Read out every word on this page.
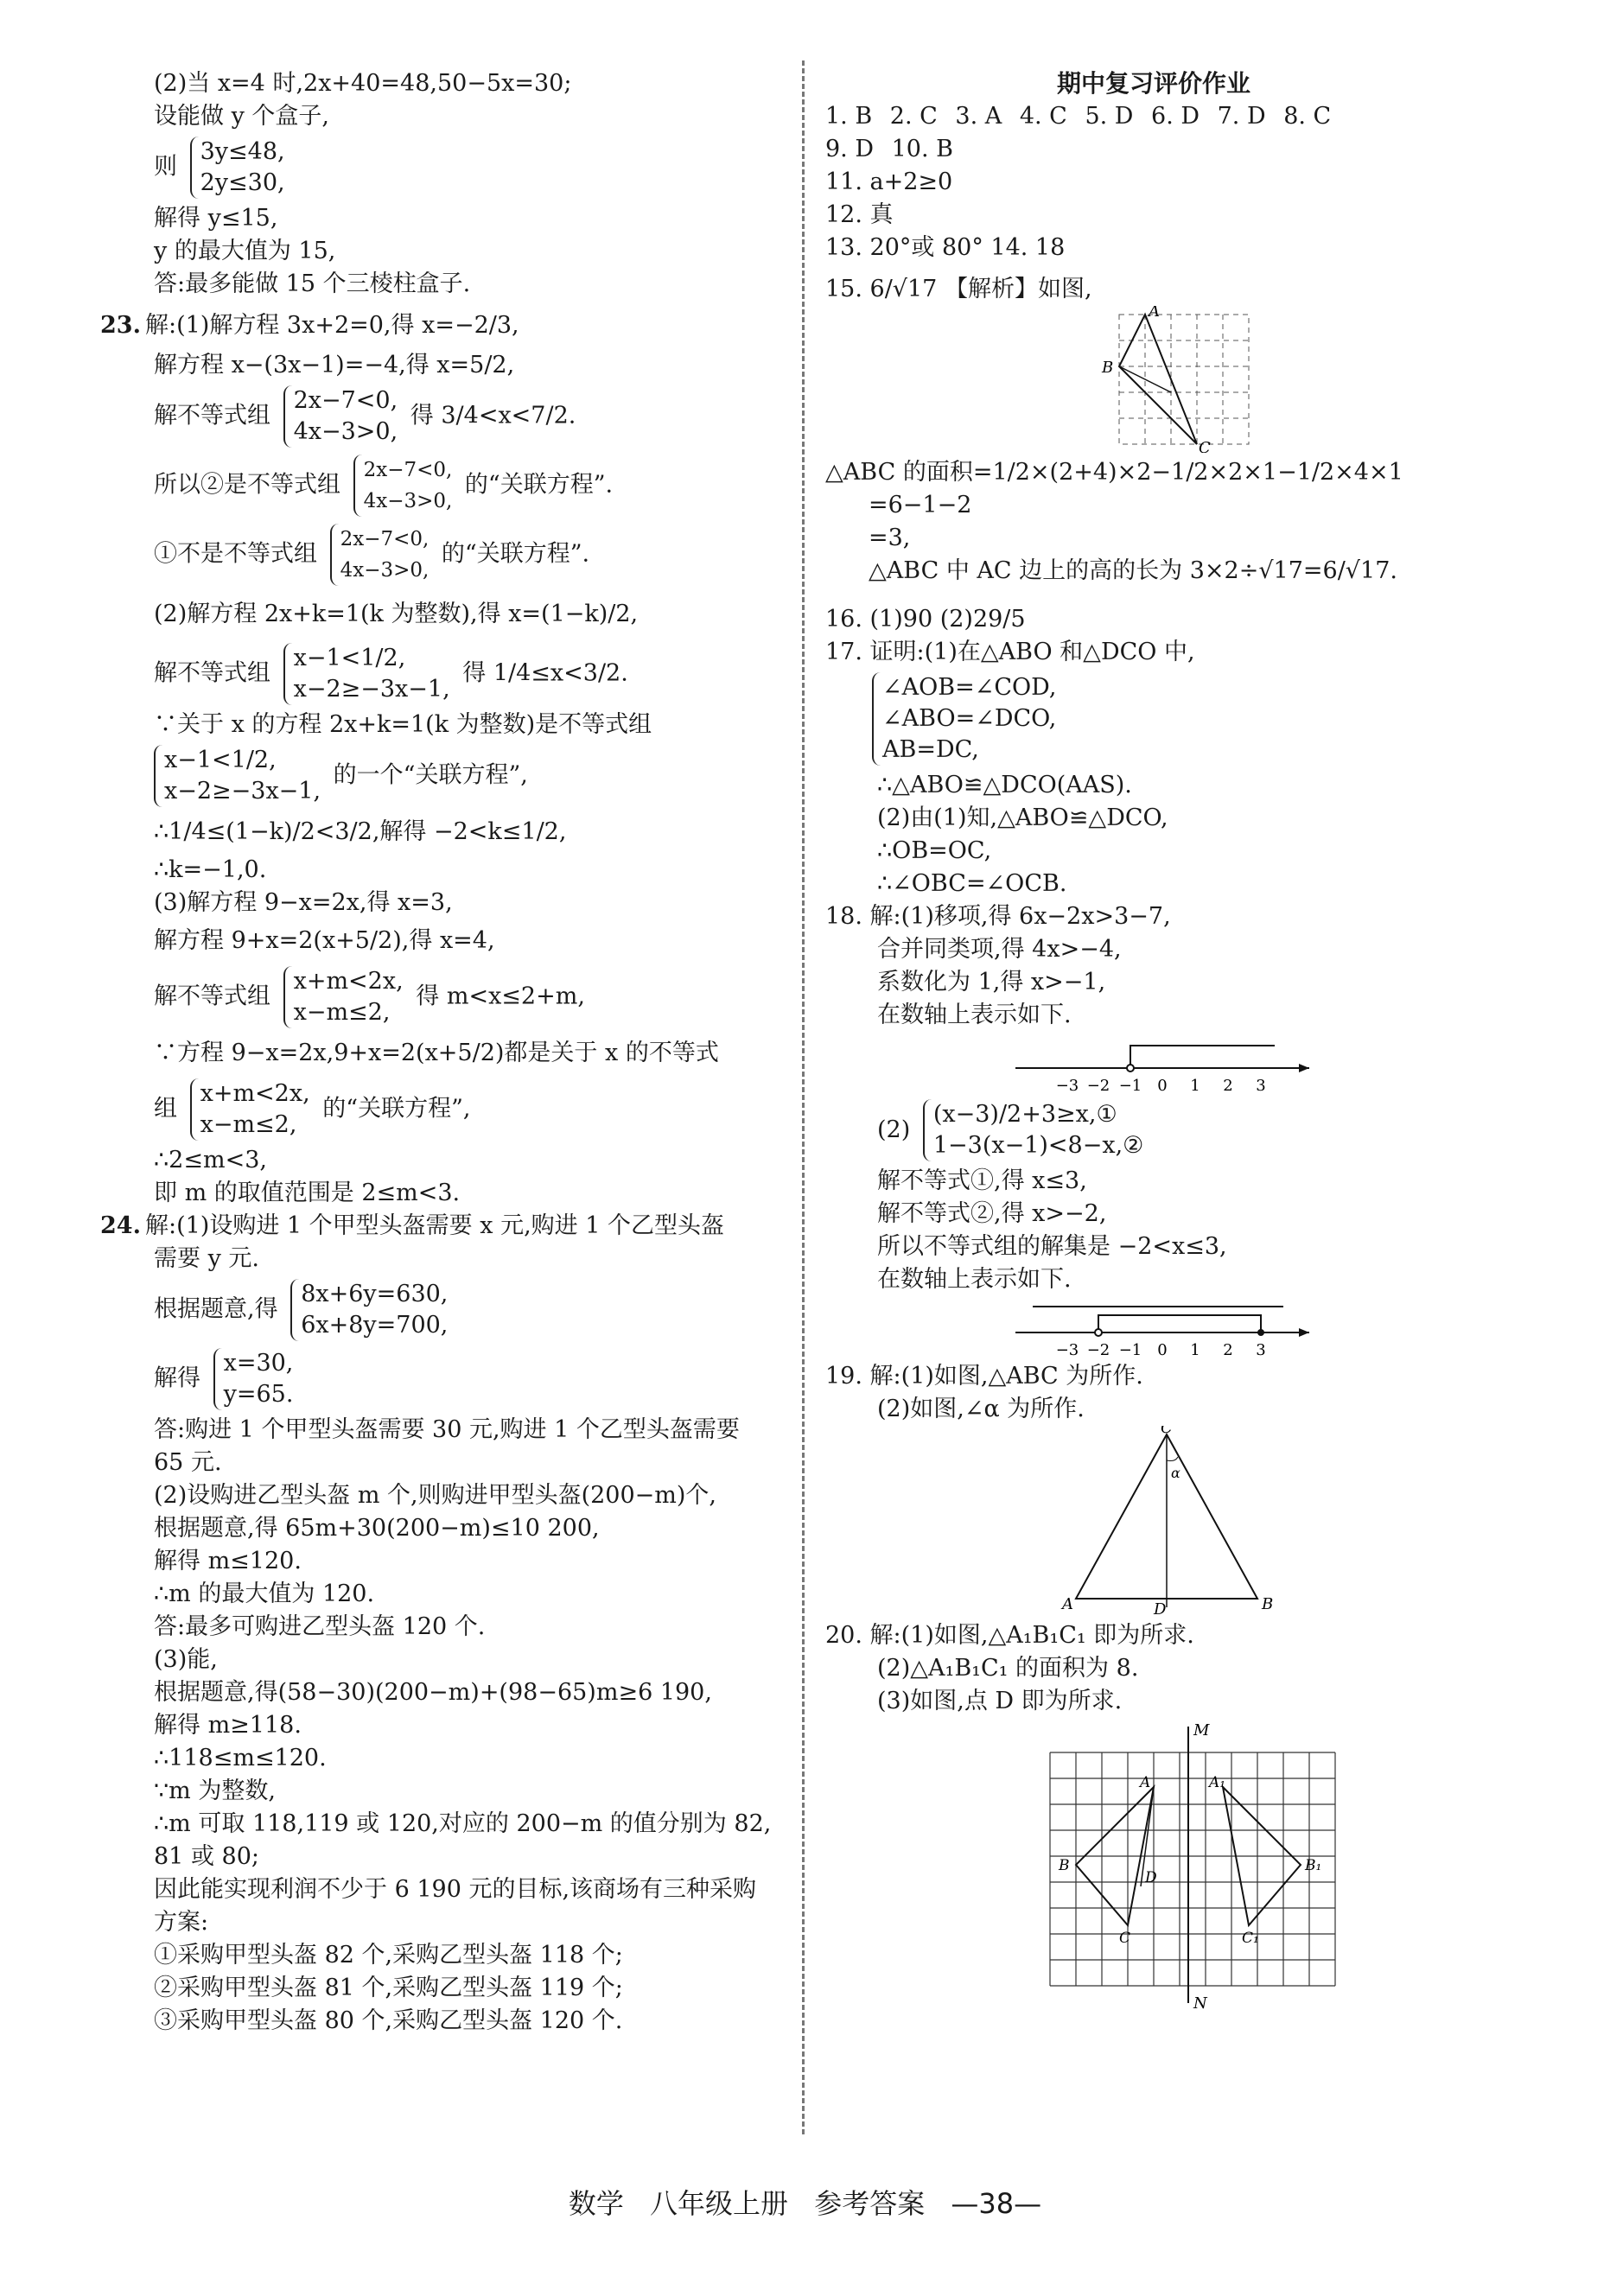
(2)当 x=4 时,2x+40=48,50−5x=30;
设能做 y 个盒子,
则
3y≤48,
2y≤30,
解得 y≤15,
y 的最大值为 15,
答:最多能做 15 个三棱柱盒子.
23. 解:(1)解方程 3x+2=0,得 x=−2/3,
解方程 x−(3x−1)=−4,得 x=5/2,
解不等式组
2x−7<0,
4x−3>0,
得 3/4<x<7/2.
所以②是不等式组
2x−7<0,
4x−3>0,
的“关联方程”.
①不是不等式组
2x−7<0,
4x−3>0,
的“关联方程”.
(2)解方程 2x+k=1(k 为整数),得 x=(1−k)/2,
解不等式组
x−1<1/2,
x−2≥−3x−1,
得 1/4≤x<3/2.
∵关于 x 的方程 2x+k=1(k 为整数)是不等式组
x−1<1/2,
x−2≥−3x−1,
的一个“关联方程”,
∴1/4≤(1−k)/2<3/2,解得 −2<k≤1/2,
∴k=−1,0.
(3)解方程 9−x=2x,得 x=3,
解方程 9+x=2(x+5/2),得 x=4,
解不等式组
x+m<2x,
x−m≤2,
得 m<x≤2+m,
∵方程 9−x=2x,9+x=2(x+5/2)都是关于 x 的不等式
组
x+m<2x,
x−m≤2,
的“关联方程”,
∴2≤m<3,
即 m 的取值范围是 2≤m<3.
24. 解:(1)设购进 1 个甲型头盔需要 x 元,购进 1 个乙型头盔
需要 y 元.
根据题意,得
8x+6y=630,
6x+8y=700,
解得
x=30,
y=65.
答:购进 1 个甲型头盔需要 30 元,购进 1 个乙型头盔需要
65 元.
(2)设购进乙型头盔 m 个,则购进甲型头盔(200−m)个,
根据题意,得 65m+30(200−m)≤10 200,
解得 m≤120.
∴m 的最大值为 120.
答:最多可购进乙型头盔 120 个.
(3)能,
根据题意,得(58−30)(200−m)+(98−65)m≥6 190,
解得 m≥118.
∴118≤m≤120.
∵m 为整数,
∴m 可取 118,119 或 120,对应的 200−m 的值分别为 82,
81 或 80;
因此能实现利润不少于 6 190 元的目标,该商场有三种采购
方案:
①采购甲型头盔 82 个,采购乙型头盔 118 个;
②采购甲型头盔 81 个,采购乙型头盔 119 个;
③采购甲型头盔 80 个,采购乙型头盔 120 个.
期中复习评价作业
1. B 2. C 3. A 4. C 5. D 6. D 7. D 8. C
9. D 10. B
11. a+2≥0
12. 真
13. 20°或 80° 14. 18
15. 6/√17 【解析】如图,
A
B
C
△ABC 的面积=1/2×(2+4)×2−1/2×2×1−1/2×4×1
=6−1−2
=3,
△ABC 中 AC 边上的高的长为 3×2÷√17=6/√17.
16. (1)90 (2)29/5
17. 证明:(1)在△ABO 和△DCO 中,
∠AOB=∠COD,
∠ABO=∠DCO,
AB=DC,
∴△ABO≌△DCO(AAS).
(2)由(1)知,△ABO≌△DCO,
∴OB=OC,
∴∠OBC=∠OCB.
18. 解:(1)移项,得 6x−2x>3−7,
合并同类项,得 4x>−4,
系数化为 1,得 x>−1,
在数轴上表示如下.
−3 −2 −1 0 1 2 3
(2)
(x−3)/2+3≥x,①
1−3(x−1)<8−x,②
解不等式①,得 x≤3,
解不等式②,得 x>−2,
所以不等式组的解集是 −2<x≤3,
在数轴上表示如下.
−3 −2 −1 0 1 2 3
19. 解:(1)如图,△ABC 为所作.
(2)如图,∠α 为所作.
C
α
A	D	B
20. 解:(1)如图,△A₁B₁C₁ 即为所求.
(2)△A₁B₁C₁ 的面积为 8.
(3)如图,点 D 即为所求.
M
A	A₁
B
D
B₁
C	C₁
N
数学 八年级上册 参考答案 —38—
